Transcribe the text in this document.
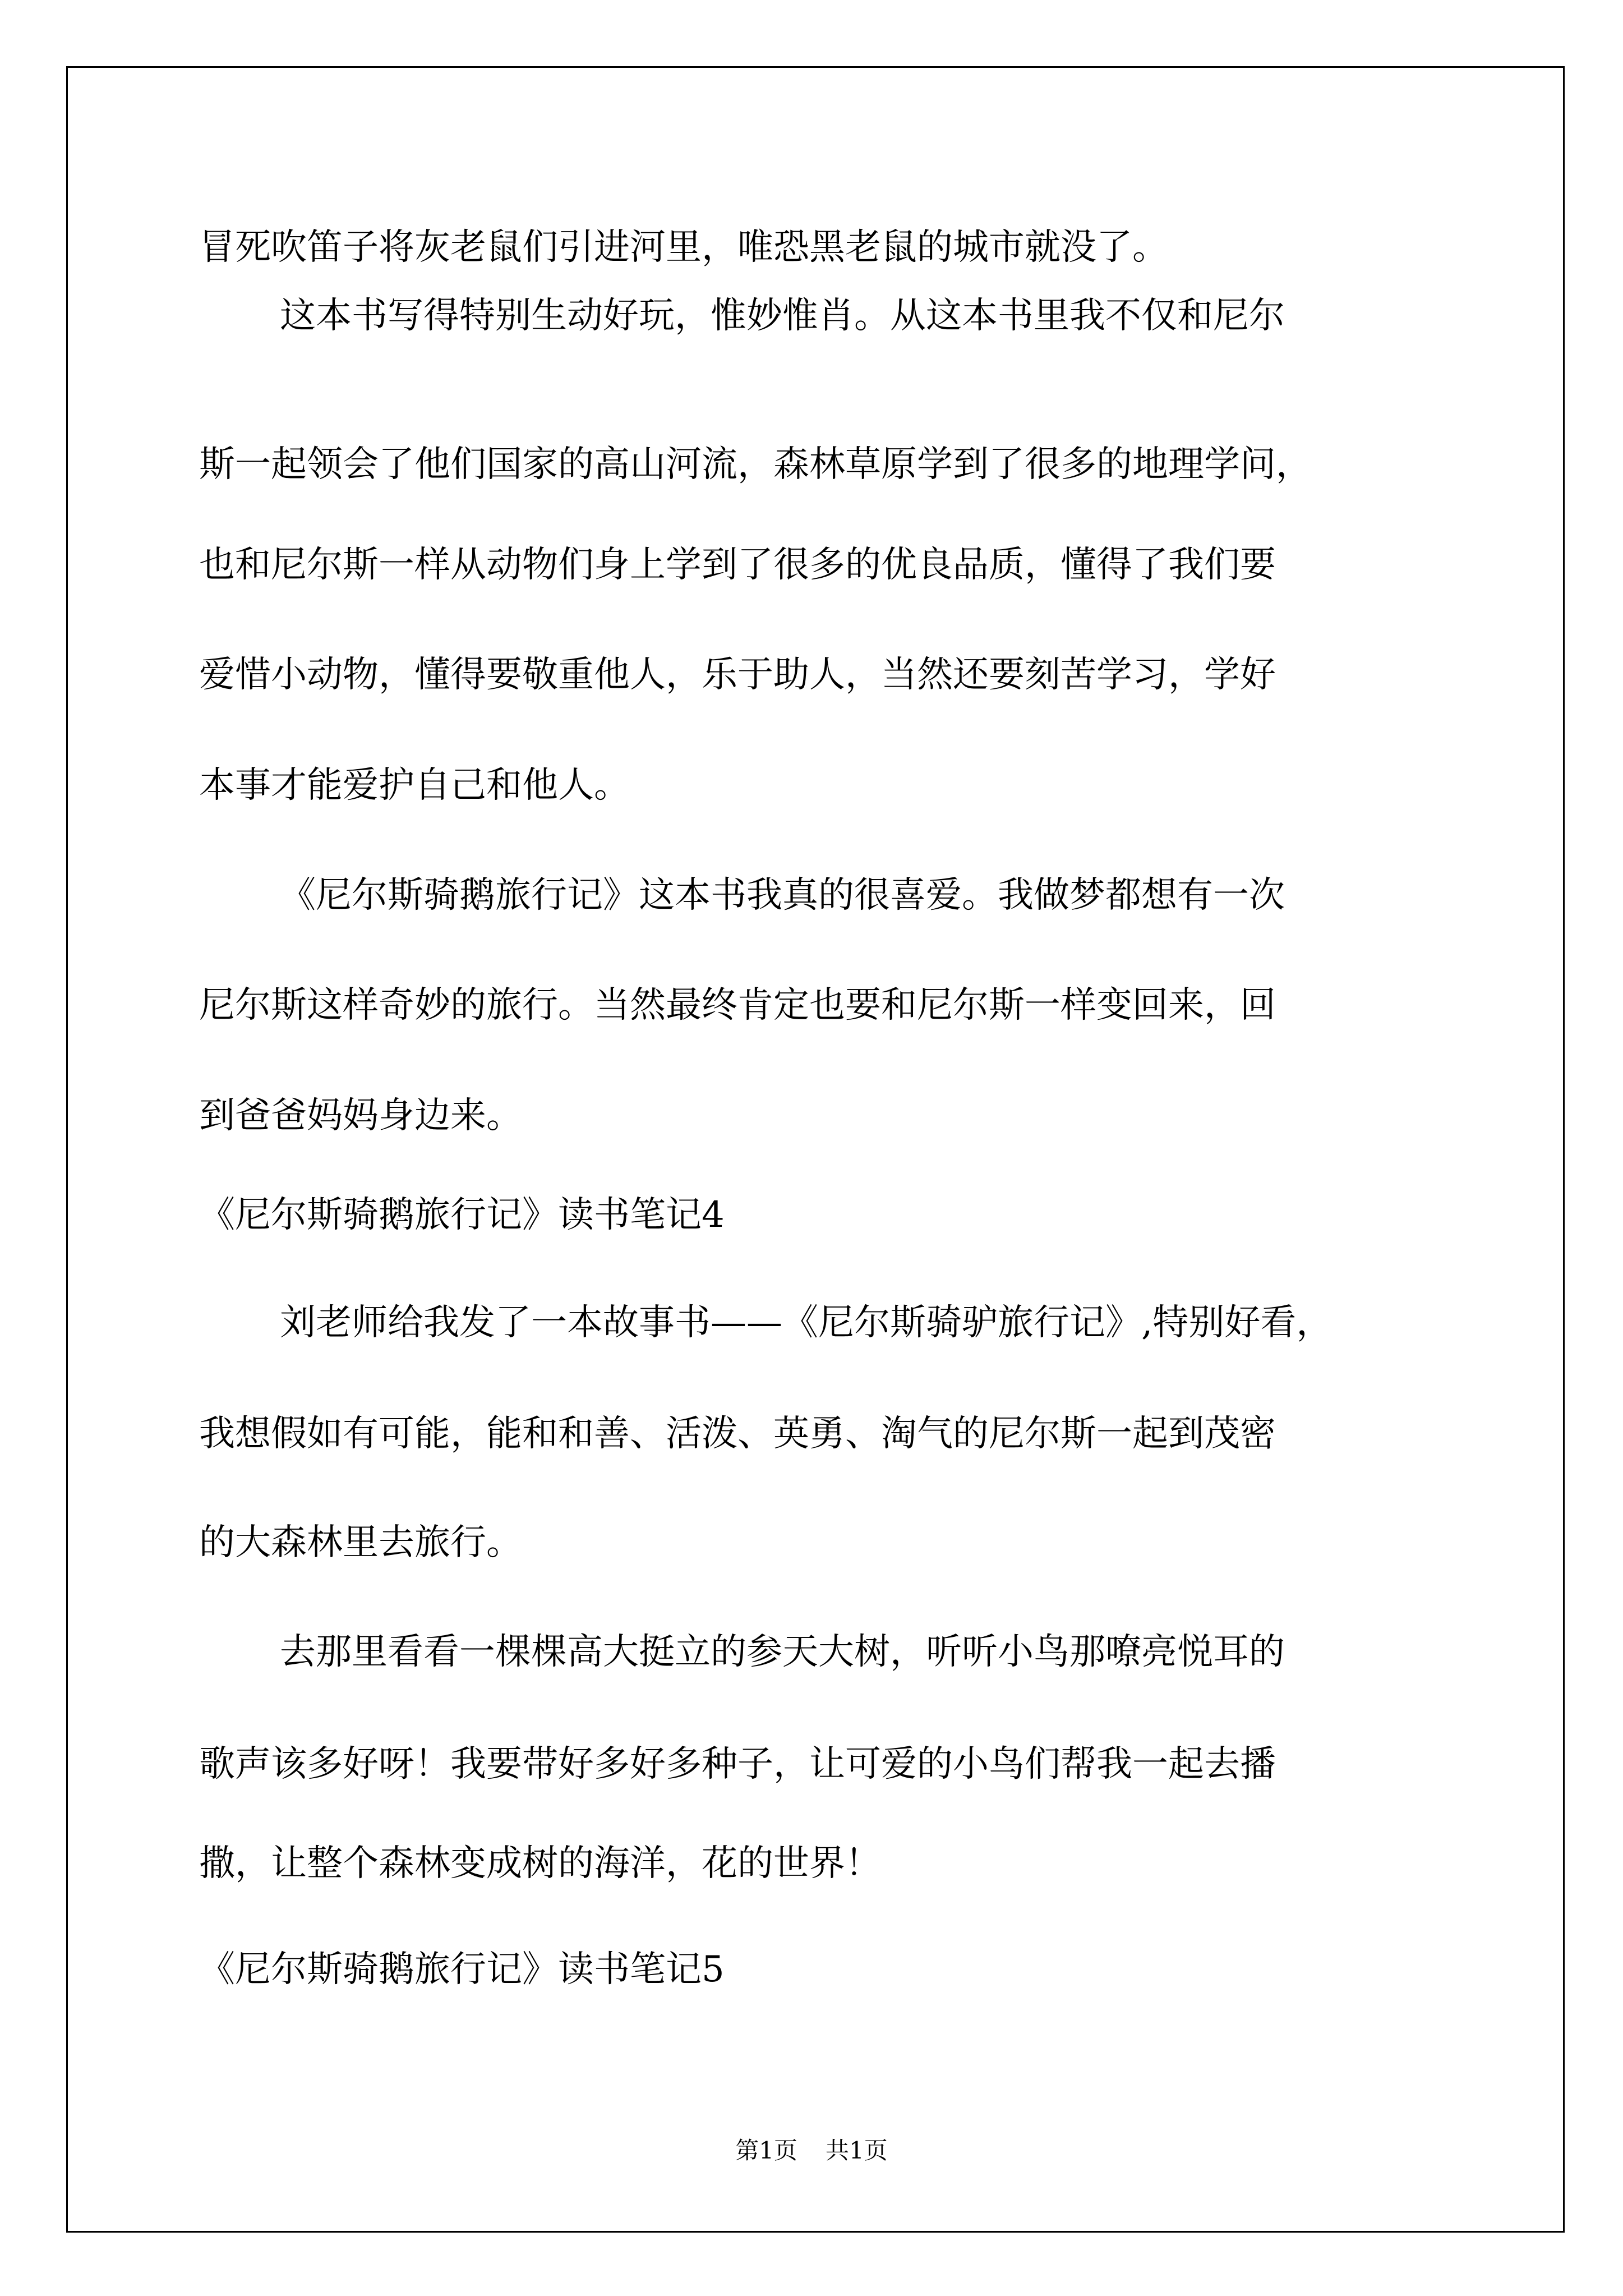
冒死吹笛子将灰老鼠们引进河里，唯恐黑老鼠的城市就没了。
这本书写得特别生动好玩，惟妙惟肖。从这本书里我不仅和尼尔
斯一起领会了他们国家的高山河流，森林草原学到了很多的地理学问，
也和尼尔斯一样从动物们身上学到了很多的优良品质，懂得了我们要
爱惜小动物，懂得要敬重他人，乐于助人，当然还要刻苦学习，学好
本事才能爱护自己和他人。
《尼尔斯骑鹅旅行记》这本书我真的很喜爱。我做梦都想有一次
尼尔斯这样奇妙的旅行。当然最终肯定也要和尼尔斯一样变回来，回
到爸爸妈妈身边来。
《尼尔斯骑鹅旅行记》读书笔记4
刘老师给我发了一本故事书——《尼尔斯骑驴旅行记》,特别好看，
我想假如有可能，能和和善、活泼、英勇、淘气的尼尔斯一起到茂密
的大森林里去旅行。
去那里看看一棵棵高大挺立的参天大树，听听小鸟那嘹亮悦耳的
歌声该多好呀！我要带好多好多种子，让可爱的小鸟们帮我一起去播
撒，让整个森林变成树的海洋，花的世界！
《尼尔斯骑鹅旅行记》读书笔记5
第1页 共1页
